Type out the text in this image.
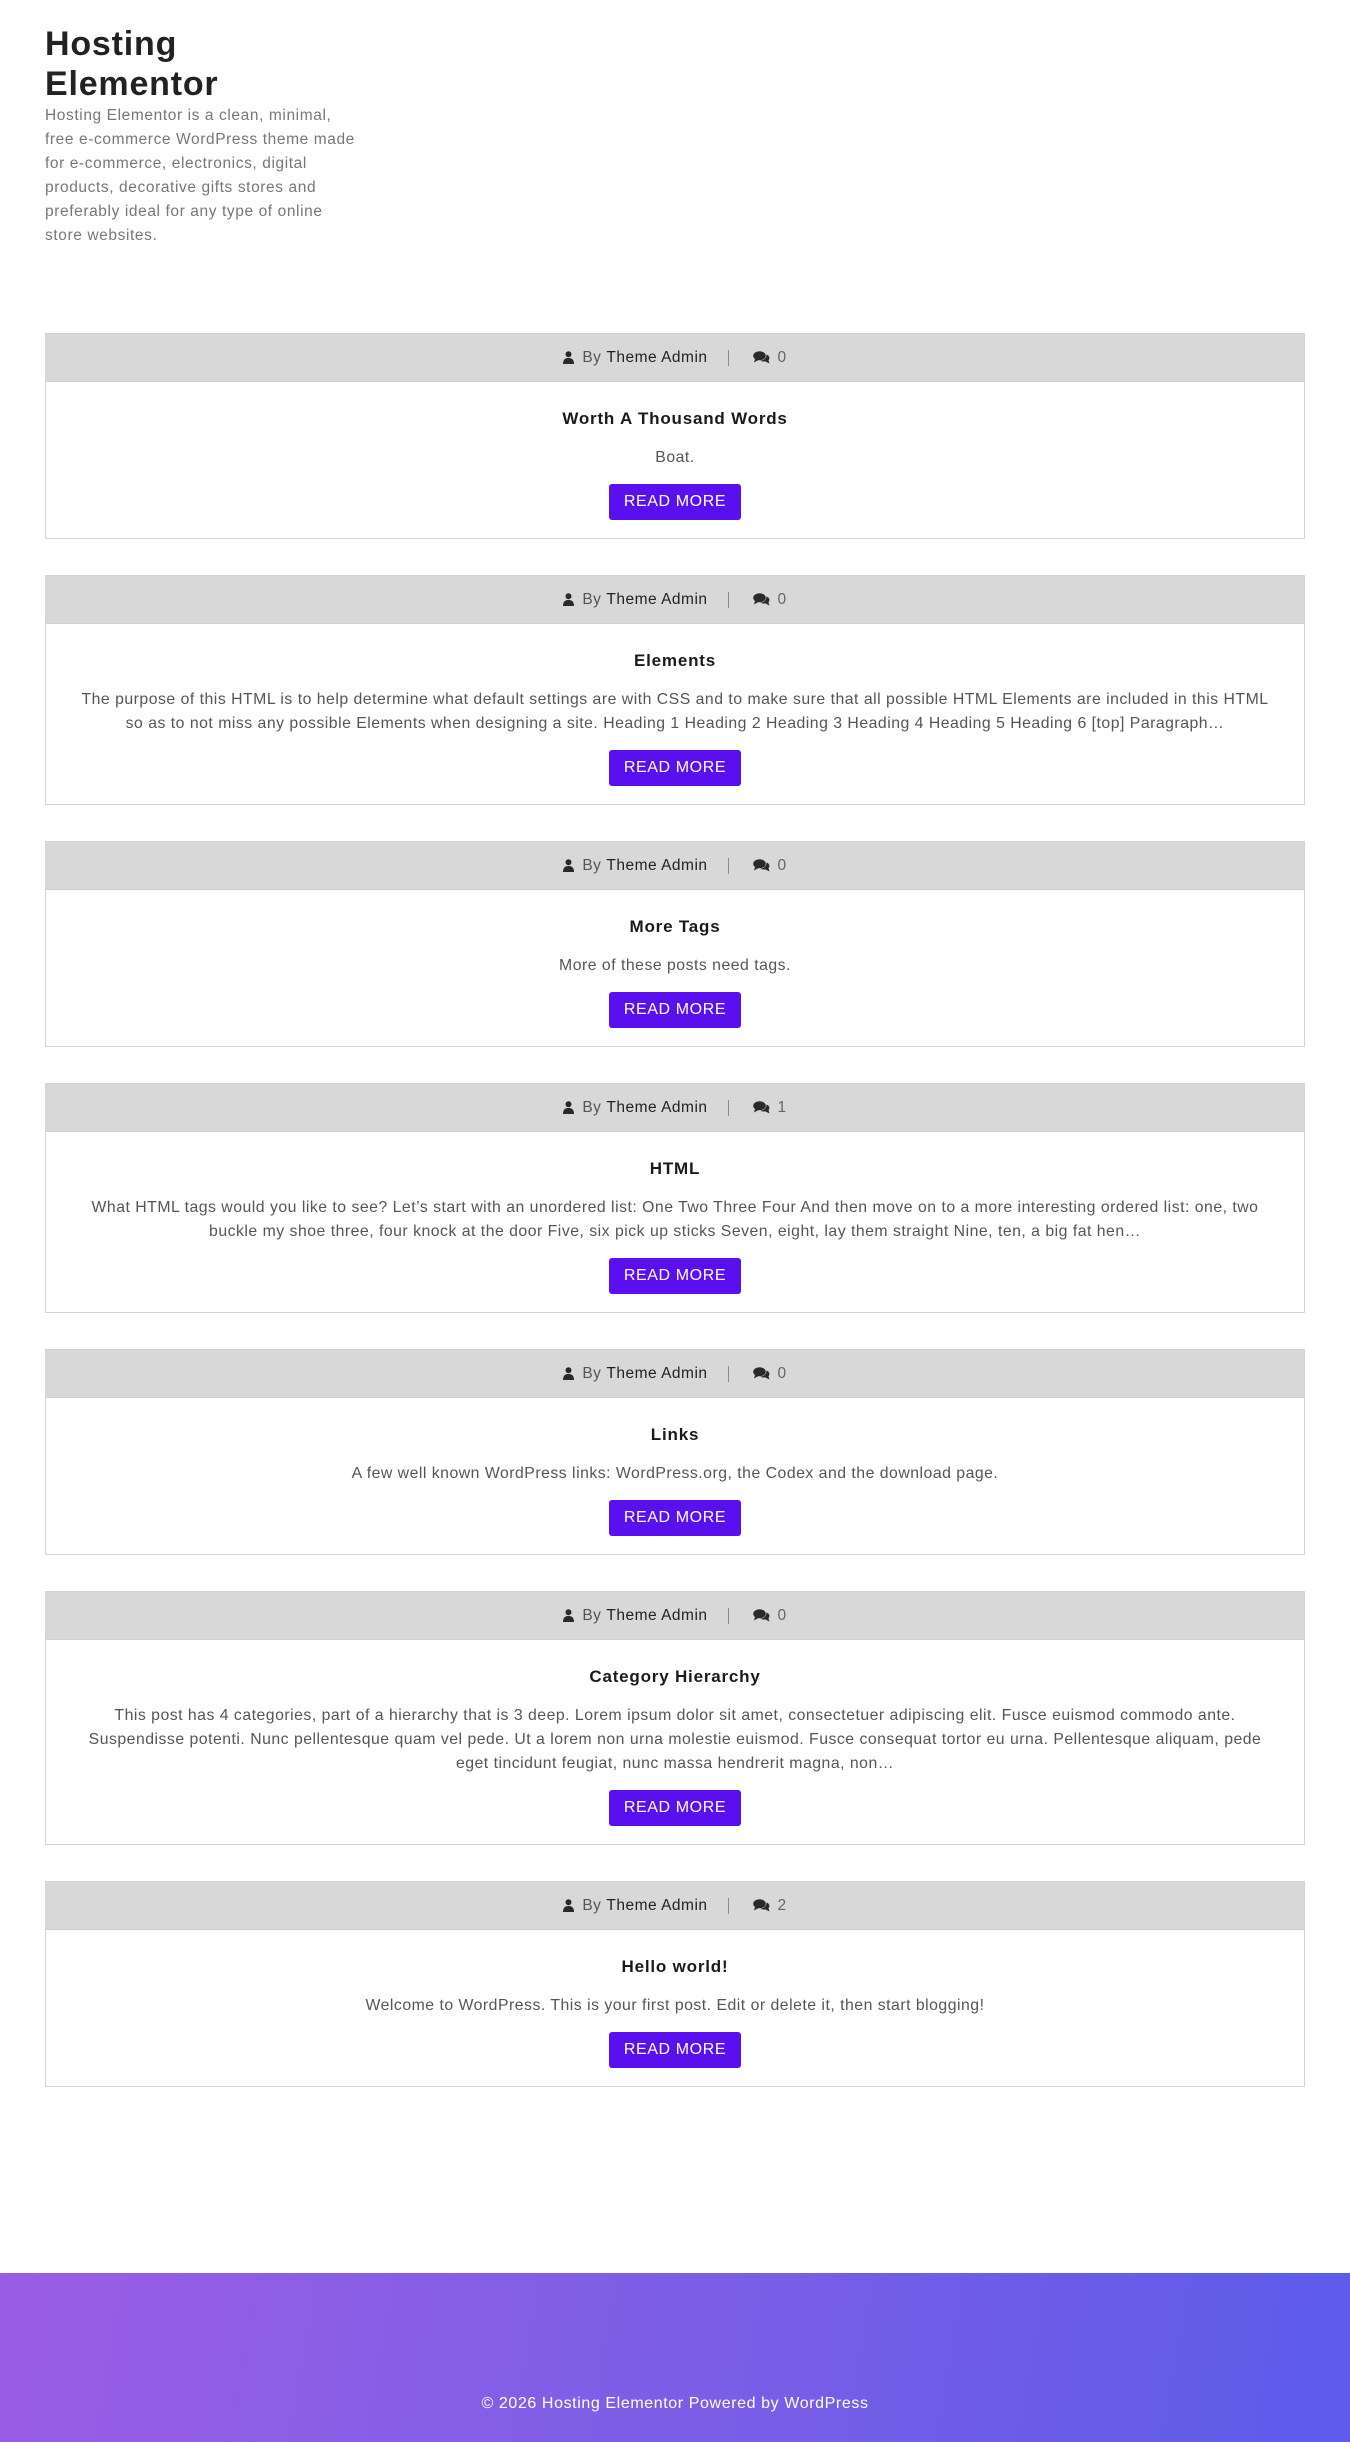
Hosting Elementor

Hosting Elementor is a clean, minimal, free e-commerce WordPress theme made for e-commerce, electronics, digital products, decorative gifts stores and preferably ideal for any type of online store websites.

By Theme Admin	0
Worth A Thousand Words

Boat.

READ MORE
By Theme Admin	0
Elements

The purpose of this HTML is to help determine what default settings are with CSS and to make sure that all possible HTML Elements are included in this HTML so as to not miss any possible Elements when designing a site. Heading 1 Heading 2 Heading 3 Heading 4 Heading 5 Heading 6 [top] Paragraph…

READ MORE
By Theme Admin	0
More Tags

More of these posts need tags.

READ MORE
By Theme Admin	1
HTML

What HTML tags would you like to see? Let’s start with an unordered list: One Two Three Four And then move on to a more interesting ordered list: one, two buckle my shoe three, four knock at the door Five, six pick up sticks Seven, eight, lay them straight Nine, ten, a big fat hen…

READ MORE
By Theme Admin	0
Links

A few well known WordPress links: WordPress.org, the Codex and the download page.

READ MORE
By Theme Admin	0
Category Hierarchy

This post has 4 categories, part of a hierarchy that is 3 deep. Lorem ipsum dolor sit amet, consectetuer adipiscing elit. Fusce euismod commodo ante. Suspendisse potenti. Nunc pellentesque quam vel pede. Ut a lorem non urna molestie euismod. Fusce consequat tortor eu urna. Pellentesque aliquam, pede eget tincidunt feugiat, nunc massa hendrerit magna, non…

READ MORE
By Theme Admin	2
Hello world!

Welcome to WordPress. This is your first post. Edit or delete it, then start blogging!

READ MORE

© 2026 Hosting Elementor Powered by WordPress
